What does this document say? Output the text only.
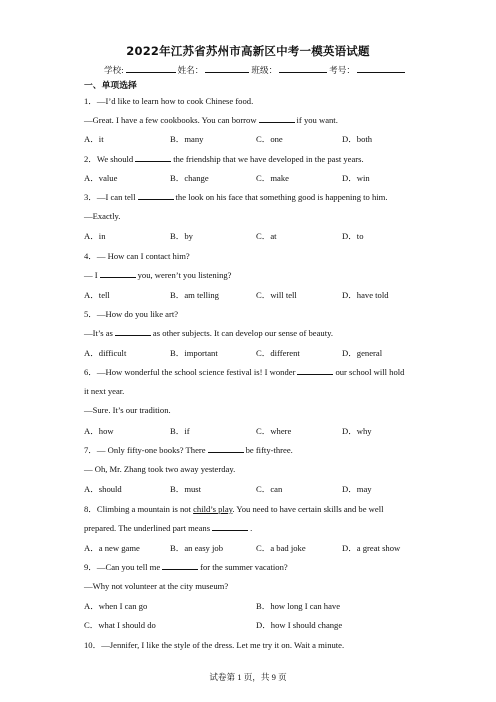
2022年江苏省苏州市高新区中考一模英语试题
学校:	姓名：	班级：	考号：
一、单项选择
1．—I’d like to learn how to cook Chinese food.
—Great. I have a few cookbooks. You can borrow	if you want.
A．it	B．many	C．one	D．both
2．We should	the friendship that we have developed in the past years.
A．value	B．change	C．make	D．win
3．—I can tell	the look on his face that something good is happening to him.
—Exactly.
A．in	B．by	C．at	D．to
4．— How can I contact him?
— I	you, weren’t you listening?
A．tell	B．am telling	C．will tell	D．have told
5．—How do you like art?
—It’s as	as other subjects. It can develop our sense of beauty.
A．difficult	B．important	C．different	D．general
6．—How wonderful the school science festival is! I wonder	our school will hold
it next year.
—Sure. It’s our tradition.
A．how	B．if	C．where	D．why
7．— Only fifty-one books? There	be fifty-three.
— Oh, Mr. Zhang took two away yesterday.
A．should	B．must	C．can	D．may
8．Climbing a mountain is not child’s play. You need to have certain skills and be well
prepared. The underlined part means	.
A．a new game	B．an easy job	C．a bad joke	D．a great show
9．—Can you tell me	for the summer vacation?
—Why not volunteer at the city museum?
A．when I can go	B．how long I can have
C．what I should do	D．how I should change
10．—Jennifer, I like the style of the dress. Let me try it on. Wait a minute.
试卷第 1 页，共 9 页
